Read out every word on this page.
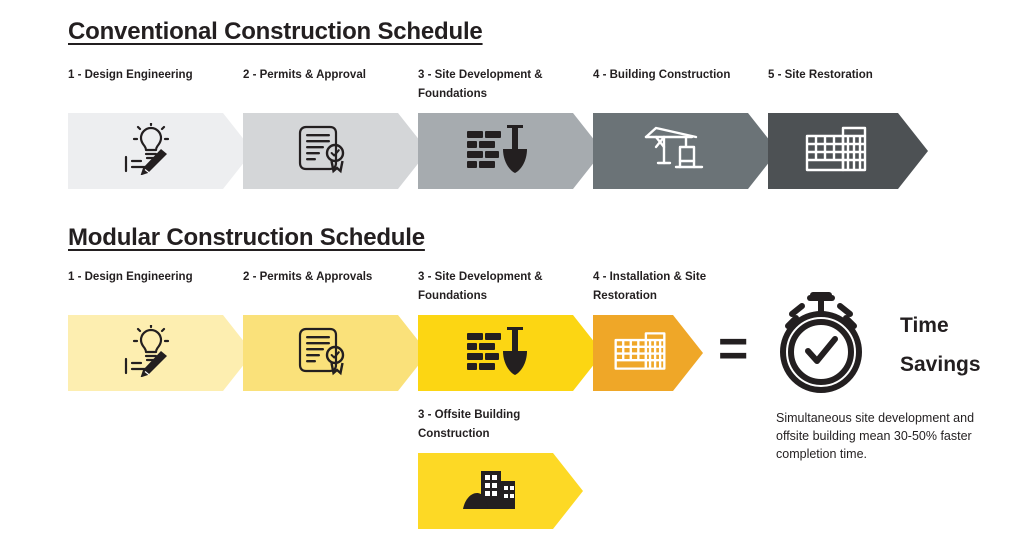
Conventional Construction Schedule
1 - Design Engineering	2 - Permits & Approval	3 - Site Development & Foundations
4 - Building Construction	5 - Site Restoration
Modular Construction Schedule
1 - Design Engineering	2 - Permits & Approvals	3 - Site Development & Foundations
4 - Installation & Site Restoration
3 - Offsite Building Construction
=	Time
Savings
Simultaneous site development and offsite building mean 30-50% faster completion time.
